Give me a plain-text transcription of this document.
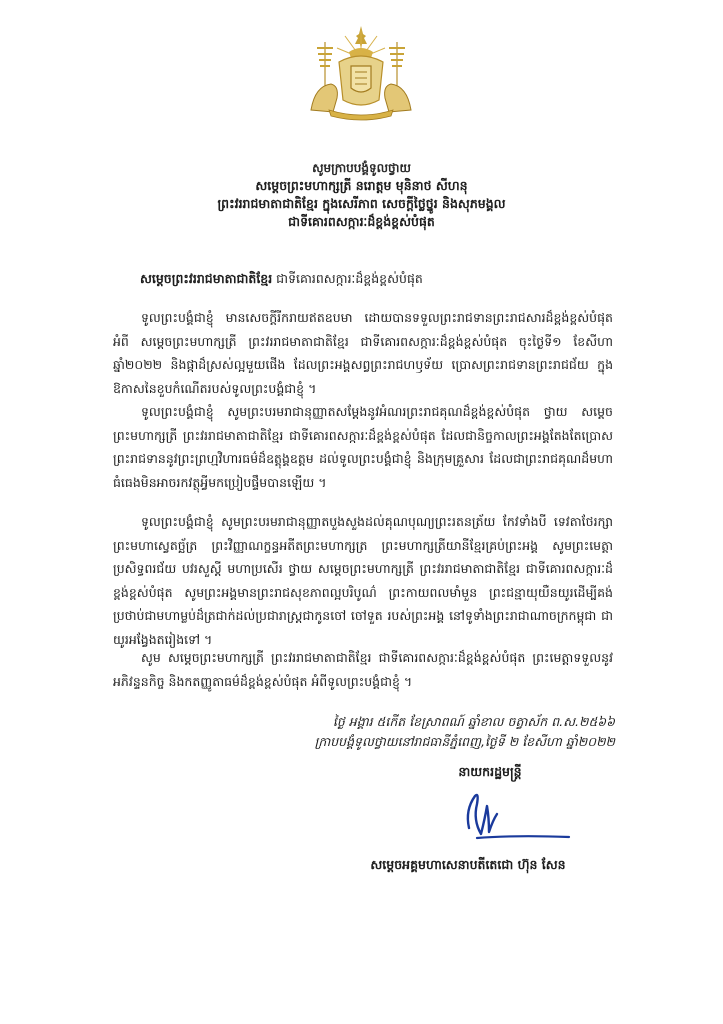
សូមក្រាបបង្គំទូលថ្វាយ
សម្តេចព្រះមហាក្សត្រី នរោត្តម មុនិនាថ សីហនុ
ព្រះវររាជមាតាជាតិខ្មែរ ក្នុងសេរីភាព សេចក្តីថ្លៃថ្នូរ និងសុភមង្គល
ជាទីគោរពសក្ការៈដ៏ខ្ពង់ខ្ពស់បំផុត
សម្តេចព្រះវររាជមាតាជាតិខ្មែរ ជាទីគោរពសក្ការៈដ៏ខ្ពង់ខ្ពស់បំផុត
ទូលព្រះបង្គំជាខ្ញុំ មានសេចក្តីរីករាយឥតឧបមា ដោយបានទទួលព្រះរាជទានព្រះរាជសារដ៏ខ្ពង់ខ្ពស់បំផុត អំពី សម្តេចព្រះមហាក្សត្រី ព្រះវររាជមាតាជាតិខ្មែរ ជាទីគោរពសក្ការៈដ៏ខ្ពង់ខ្ពស់បំផុត ចុះថ្ងៃទី១ ខែសីហា ឆ្នាំ២០២២ និងផ្កាដ៏ស្រស់ល្អមួយផើង ដែលព្រះអង្គសព្វព្រះរាជហឫទ័យ ប្រោសព្រះរាជទានព្រះរាជជ័យ ក្នុងឱកាសនៃខួបកំណើតរបស់ទូលព្រះបង្គំជាខ្ញុំ ។
ទូលព្រះបង្គំជាខ្ញុំ សូមព្រះបរមរាជានុញ្ញាតសម្តែងនូវអំណរព្រះរាជគុណដ៏ខ្ពង់ខ្ពស់បំផុត ថ្វាយ សម្តេចព្រះមហាក្សត្រី ព្រះវររាជមាតាជាតិខ្មែរ ជាទីគោរពសក្ការៈដ៏ខ្ពង់ខ្ពស់បំផុត ដែលជានិច្ចកាលព្រះអង្គតែងតែប្រោសព្រះរាជទាននូវព្រះព្រហ្មវិហារធម៌ដ៏ឧត្តុង្គឧត្តម ដល់ទូលព្រះបង្គំជាខ្ញុំ និងក្រុមគ្រួសារ ដែលជាព្រះរាជគុណដ៏មហាធំធេងមិនអាចរកវត្ថុអ្វីមកប្រៀបផ្ទឹមបានឡើយ ។
ទូលព្រះបង្គំជាខ្ញុំ សូមព្រះបរមរាជានុញ្ញាតបួងសួងដល់គុណបុណ្យព្រះរតនត្រ័យ កែវទាំងបី ទេវតាថែរក្សាព្រះមហាស្វេតច្ឆ័ត្រ ព្រះវិញ្ញាណក្ខន្ធអតីតព្រះមហាក្សត្រ ព្រះមហាក្សត្រីយានីខ្មែរគ្រប់ព្រះអង្គ សូមព្រះមេត្តាប្រសិទ្ធពរជ័យ បវរសួស្តី មហាប្រសើរ ថ្វាយ សម្តេចព្រះមហាក្សត្រី ព្រះវររាជមាតាជាតិខ្មែរ ជាទីគោរពសក្ការៈដ៏ខ្ពង់ខ្ពស់បំផុត សូមព្រះអង្គមានព្រះរាជសុខភាពល្អបរិបូណ៌ ព្រះកាយពលមាំមួន ព្រះជន្មាយុយឺនយូរដើម្បីគង់ប្រថាប់ជាមហាម្លប់ដ៏ត្រជាក់ដល់ប្រជារាស្ត្រជាកូនចៅ ចៅទួត របស់ព្រះអង្គ នៅទូទាំងព្រះរាជាណាចក្រកម្ពុជា ជាយូរអង្វែងតរៀងទៅ ។
សូម សម្តេចព្រះមហាក្សត្រី ព្រះវររាជមាតាជាតិខ្មែរ ជាទីគោរពសក្ការៈដ៏ខ្ពង់ខ្ពស់បំផុត ព្រះមេត្តាទទួលនូវអភិវន្ទនកិច្ច និងកតញ្ញូតាធម៌ដ៏ខ្ពង់ខ្ពស់បំផុត អំពីទូលព្រះបង្គំជាខ្ញុំ ។
ថ្ងៃ អង្គារ ៥កើត ខែស្រាពណ៍ ឆ្នាំខាល ចត្វាស័ក ព.ស.២៥៦៦
ក្រាបបង្គំទូលថ្វាយនៅរាជធានីភ្នំពេញ,ថ្ងៃទី ២ ខែសីហា ឆ្នាំ២០២២
នាយករដ្ឋមន្ត្រី
សម្តេចអគ្គមហាសេនាបតីតេជោ ហ៊ុន សែន
